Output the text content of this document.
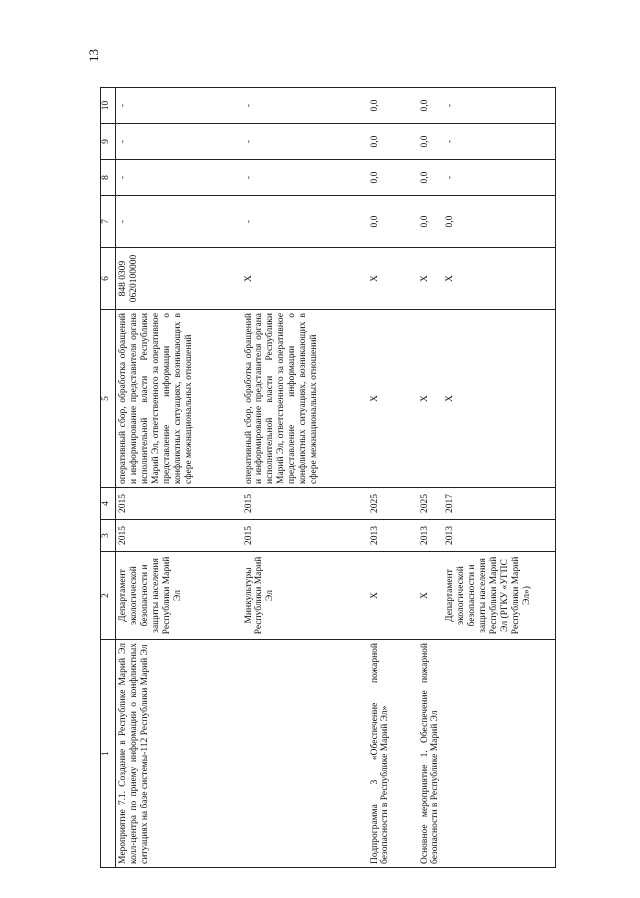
13
1	2	3	4	5	6	7	8	9	10
Мероприятие 7.1. Создание в Республике Марий Эл колл-центра по приему информации о конфликтных ситуациях на базе системы-112 Республики Марий Эл	Департамент экологической безопасности и защиты населения Республики Марий Эл	2015	2015	оперативный сбор, обработка обращений и информирование представителя органа исполнительной власти Республики Марий Эл, ответственного за оперативное представление информации о конфликтных ситуациях, возникающих в сфере межнациональных отношений	848 0309 0620100000	-	-	-	-
	Минкультуры Республики Марий Эл	2015	2015	оперативный сбор, обработка обращений и информирование представителя органа исполнительной власти Республики Марий Эл, ответственного за оперативное представление информации о конфликтных ситуациях, возникающих в сфере межнациональных отношений	X	-	-	-	-
Подпрограмма 3 «Обеспечение пожарной безопасности в Республике Марий Эл»	X	2013	2025	X	X	0,0	0,0	0,0	0,0
Основное мероприятие 1. Обеспечение пожарной безопасности в Республике Марий Эл	X	2013	2025	X	X	0,0	0,0	0,0	0,0
	Департамент экологической безопасности и защиты населения Республики Марий Эл (РГКУ «УГПС Республики Марий Эл»)	2013	2017	X	X	0,0	-	-	-
